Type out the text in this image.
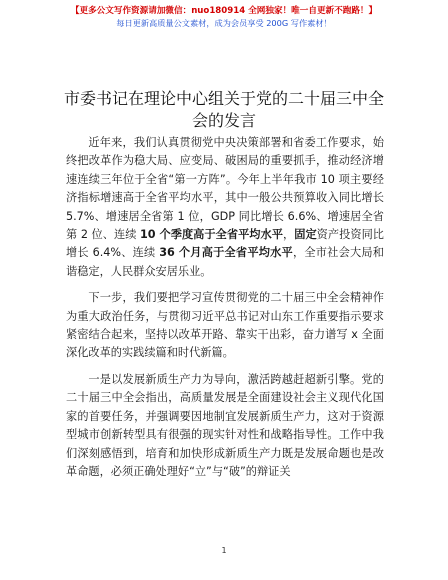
【更多公文写作资源请加微信：nuo180914 全网独家！唯一自更新不跑路！】
每日更新高质量公文素材，成为会员享受 200G 写作素材！
市委书记在理论中心组关于党的二十届三中全会的发言

近年来，我们认真贯彻党中央决策部署和省委工作要求，始终把改革作为稳大局、应变局、破困局的重要抓手，推动经济增速连续三年位于全省“第一方阵”。今年上半年我市 10 项主要经济指标增速高于全省平均水平，其中一般公共预算收入同比增长 5.7%、增速居全省第 1 位，GDP 同比增长 6.6%、增速居全省第 2 位、连续 10 个季度高于全省平均水平，固定资产投资同比增长 6.4%、连续 36 个月高于全省平均水平，全市社会大局和谐稳定，人民群众安居乐业。

下一步，我们要把学习宣传贯彻党的二十届三中全会精神作为重大政治任务，与贯彻习近平总书记对山东工作重要指示要求紧密结合起来，坚持以改革开路、靠实干出彩，奋力谱写 x 全面深化改革的实践续篇和时代新篇。

一是以发展新质生产力为导向，激活跨越赶超新引擎。党的二十届三中全会指出，高质量发展是全面建设社会主义现代化国家的首要任务，并强调要因地制宜发展新质生产力，这对于资源型城市创新转型具有很强的现实针对性和战略指导性。工作中我们深刻感悟到，培育和加快形成新质生产力既是发展命题也是改革命题，必须正确处理好“立”与“破”的辩证关

1
